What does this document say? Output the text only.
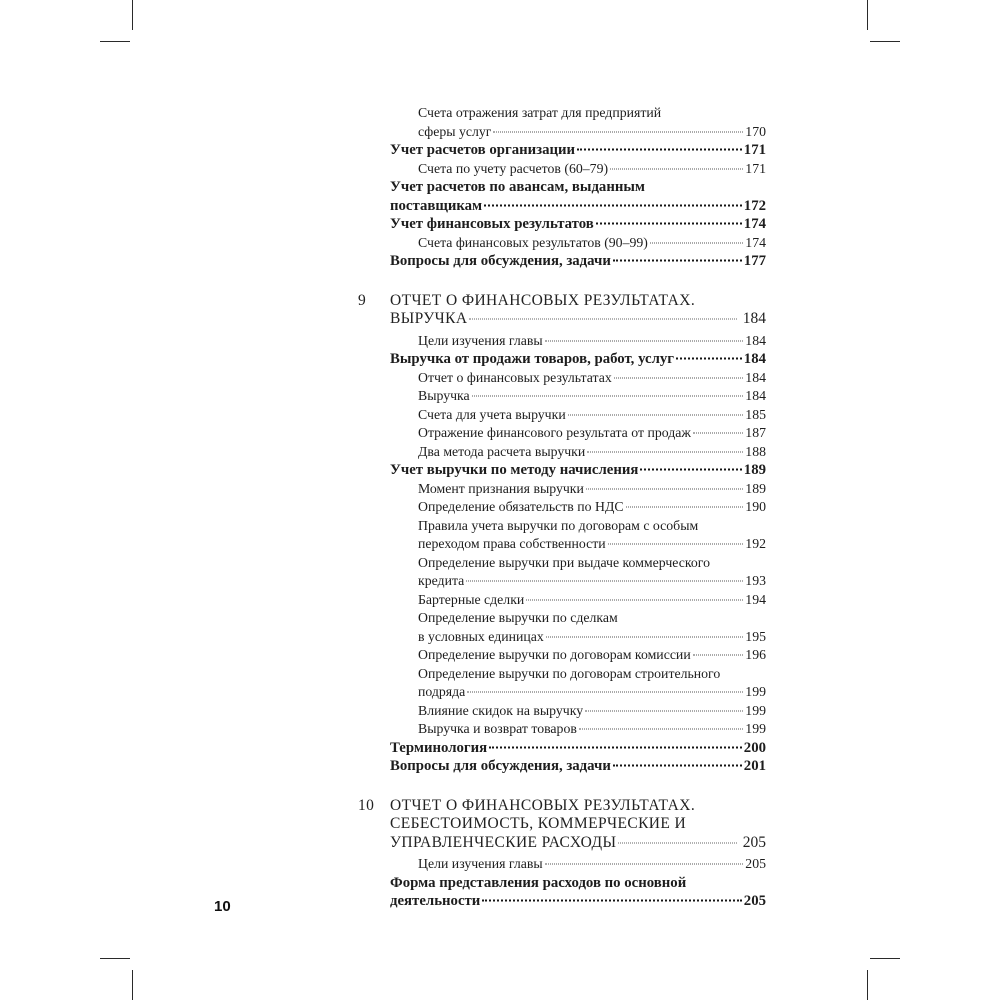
Счета отражения затрат для предприятий
сферы услуг	170
Учет расчетов организации	171
Счета по учету расчетов (60–79)	171
Учет расчетов по авансам, выданным
поставщикам	172
Учет финансовых результатов	174
Счета финансовых результатов (90–99)	174
Вопросы для обсуждения, задачи	177
9	ОТЧЕТ О ФИНАНСОВЫХ РЕЗУЛЬТАТАХ.
ВЫРУЧКА	184
Цели изучения главы	184
Выручка от продажи товаров, работ, услуг	184
Отчет о финансовых результатах	184
Выручка	184
Счета для учета выручки	185
Отражение финансового результата от продаж	187
Два метода расчета выручки	188
Учет выручки по методу начисления	189
Момент признания выручки	189
Определение обязательств по НДС	190
Правила учета выручки по договорам с особым
переходом права собственности	192
Определение выручки при выдаче коммерческого
кредита	193
Бартерные сделки	194
Определение выручки по сделкам
в условных единицах	195
Определение выручки по договорам комиссии	196
Определение выручки по договорам строительного
подряда	199
Влияние скидок на выручку	199
Выручка и возврат товаров	199
Терминология	200
Вопросы для обсуждения, задачи	201
10	ОТЧЕТ О ФИНАНСОВЫХ РЕЗУЛЬТАТАХ.
СЕБЕСТОИМОСТЬ, КОММЕРЧЕСКИЕ И
УПРАВЛЕНЧЕСКИЕ РАСХОДЫ	205
Цели изучения главы	205
Форма представления расходов по основной
деятельности	205
10
